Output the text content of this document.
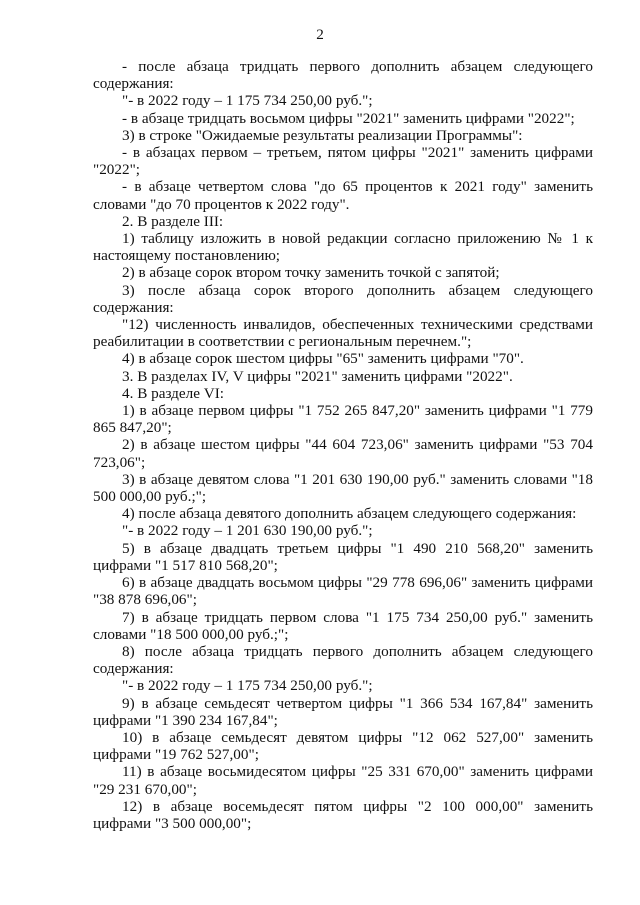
2

- после абзаца тридцать первого дополнить абзацем следующего содержания:

"- в 2022 году – 1 175 734 250,00 руб.";

- в абзаце тридцать восьмом цифры "2021" заменить цифрами "2022";

3) в строке "Ожидаемые результаты реализации Программы":

- в абзацах первом – третьем, пятом цифры "2021" заменить цифрами "2022";

- в абзаце четвертом слова "до 65 процентов к 2021 году" заменить словами "до 70 процентов к 2022 году".

2. В разделе III:

1) таблицу изложить в новой редакции согласно приложению № 1 к настоящему постановлению;

2) в абзаце сорок втором точку заменить точкой с запятой;

3) после абзаца сорок второго дополнить абзацем следующего содержания:

"12) численность инвалидов, обеспеченных техническими средствами реабилитации в соответствии с региональным перечнем.";

4) в абзаце сорок шестом цифры "65" заменить цифрами "70".

3. В разделах IV, V цифры "2021" заменить цифрами "2022".

4. В разделе VI:

1) в абзаце первом цифры "1 752 265 847,20" заменить цифрами "1 779 865 847,20";

2) в абзаце шестом цифры "44 604 723,06" заменить цифрами "53 704 723,06";

3) в абзаце девятом слова "1 201 630 190,00 руб." заменить словами "18 500 000,00 руб.;";

4) после абзаца девятого дополнить абзацем следующего содержания:

"- в 2022 году – 1 201 630 190,00 руб.";

5) в абзаце двадцать третьем цифры "1 490 210 568,20" заменить цифрами "1 517 810 568,20";

6) в абзаце двадцать восьмом цифры "29 778 696,06" заменить цифрами "38 878 696,06";

7) в абзаце тридцать первом слова "1 175 734 250,00 руб." заменить словами "18 500 000,00 руб.;";

8) после абзаца тридцать первого дополнить абзацем следующего содержания:

"- в 2022 году – 1 175 734 250,00 руб.";

9) в абзаце семьдесят четвертом цифры "1 366 534 167,84" заменить цифрами "1 390 234 167,84";

10) в абзаце семьдесят девятом цифры "12 062 527,00" заменить цифрами "19 762 527,00";

11) в абзаце восьмидесятом цифры "25 331 670,00" заменить цифрами "29 231 670,00";

12) в абзаце восемьдесят пятом цифры "2 100 000,00" заменить цифрами "3 500 000,00";
